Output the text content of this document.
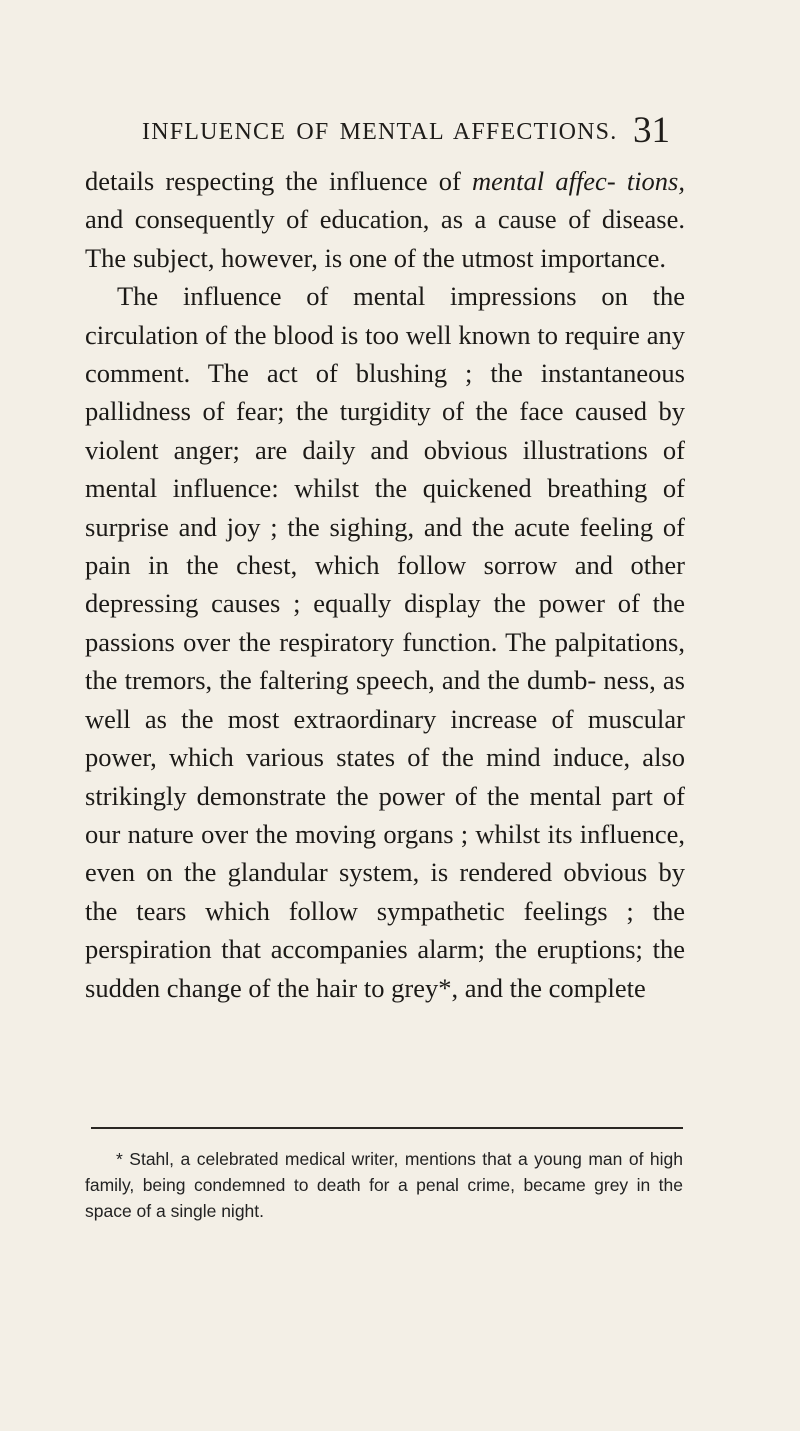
INFLUENCE OF MENTAL AFFECTIONS. 31

details respecting the influence of mental affec- tions, and consequently of education, as a cause of disease. The subject, however, is one of the utmost importance.

The influence of mental impressions on the circulation of the blood is too well known to require any comment. The act of blushing ; the instantaneous pallidness of fear; the turgidity of the face caused by violent anger; are daily and obvious illustrations of mental influence: whilst the quickened breathing of surprise and joy ; the sighing, and the acute feeling of pain in the chest, which follow sorrow and other depressing causes ; equally display the power of the passions over the respiratory function. The palpitations, the tremors, the faltering speech, and the dumb- ness, as well as the most extraordinary increase of muscular power, which various states of the mind induce, also strikingly demonstrate the power of the mental part of our nature over the moving organs ; whilst its influence, even on the glandular system, is rendered obvious by the tears which follow sympathetic feelings ; the perspiration that accompanies alarm; the eruptions; the sudden change of the hair to grey*, and the complete

* Stahl, a celebrated medical writer, mentions that a young man of high family, being condemned to death for a penal crime, became grey in the space of a single night.
